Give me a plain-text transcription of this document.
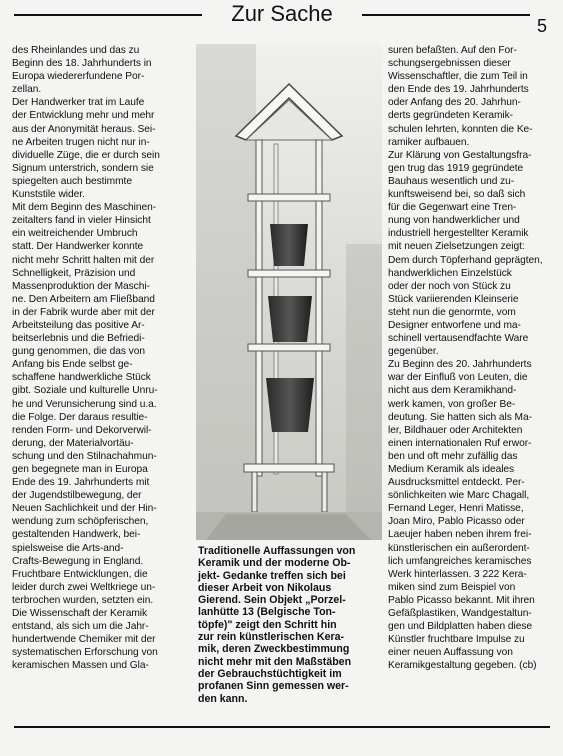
Zur Sache	5

des Rheinlandes und das zu
Beginn des 18. Jahrhunderts in
Europa wiedererfundene Por-
zellan.
Der Handwerker trat im Laufe
der Entwicklung mehr und mehr
aus der Anonymität heraus. Sei-
ne Arbeiten trugen nicht nur in-
dividuelle Züge, die er durch sein
Signum unterstrich, sondern sie
spiegelten auch bestimmte
Kunststile wider.
Mit dem Beginn des Maschinen-
zeitalters fand in vieler Hinsicht
ein weitreichender Umbruch
statt. Der Handwerker konnte
nicht mehr Schritt halten mit der
Schnelligkeit, Präzision und
Massenproduktion der Maschi-
ne. Den Arbeitern am Fließband
in der Fabrik wurde aber mit der
Arbeitsteilung das positive Ar-
beitserlebnis und die Befriedi-
gung genommen, die das von
Anfang bis Ende selbst ge-
schaffene handwerkliche Stück
gibt. Soziale und kulturelle Unru-
he und Verunsicherung sind u.a.
die Folge. Der daraus resultie-
renden Form- und Dekorverwil-
derung, der Materialvortäu-
schung und den Stilnachahmun-
gen begegnete man in Europa
Ende des 19. Jahrhunderts mit
der Jugendstilbewegung, der
Neuen Sachlichkeit und der Hin-
wendung zum schöpferischen,
gestaltenden Handwerk, bei-
spielsweise die Arts-and-
Crafts-Bewegung in England.
Fruchtbare Entwicklungen, die
leider durch zwei Weltkriege un-
terbrochen wurden, setzten ein.
Die Wissenschaft der Keramik
entstand, als sich um die Jahr-
hundertwende Chemiker mit der
systematischen Erforschung von
keramischen Massen und Gla-

Traditionelle Auffassungen von
Keramik und der moderne Ob-
jekt- Gedanke treffen sich bei
dieser Arbeit von Nikolaus
Gierend. Sein Objekt „Porzel-
lanhütte 13 (Belgische Ton-
töpfe)" zeigt den Schritt hin
zur rein künstlerischen Kera-
mik, deren Zweckbestimmung
nicht mehr mit den Maßstäben
der Gebrauchstüchtigkeit im
profanen Sinn gemessen wer-
den kann.

suren befaßten. Auf den For-
schungsergebnissen dieser
Wissenschaftler, die zum Teil in
den Ende des 19. Jahrhunderts
oder Anfang des 20. Jahrhun-
derts gegründeten Keramik-
schulen lehrten, konnten die Ke-
ramiker aufbauen.
Zur Klärung von Gestaltungsfra-
gen trug das 1919 gegründete
Bauhaus wesentlich und zu-
kunftsweisend bei, so daß sich
für die Gegenwart eine Tren-
nung von handwerklicher und
industriell hergestellter Keramik
mit neuen Zielsetzungen zeigt:
Dem durch Töpferhand geprägten,
handwerklichen Einzelstück
oder der noch von Stück zu
Stück variierenden Kleinserie
steht nun die genormte, vom
Designer entworfene und ma-
schinell vertausendfachte Ware
gegenüber.
Zu Beginn des 20. Jahrhunderts
war der Einfluß von Leuten, die
nicht aus dem Keramikhand-
werk kamen, von großer Be-
deutung. Sie hatten sich als Ma-
ler, Bildhauer oder Architekten
einen internationalen Ruf erwor-
ben und oft mehr zufällig das
Medium Keramik als ideales
Ausdrucksmittel entdeckt. Per-
sönlichkeiten wie Marc Chagall,
Fernand Leger, Henri Matisse,
Joan Miro, Pablo Picasso oder
Laeujer haben neben ihrem frei-
künstlerischen ein außerordent-
lich umfangreiches keramisches
Werk hinterlassen. 3 222 Kera-
miken sind zum Beispiel von
Pablo Picasso bekannt. Mit ihren
Gefäßplastiken, Wandgestaltun-
gen und Bildplatten haben diese
Künstler fruchtbare Impulse zu
einer neuen Auffassung von
Keramikgestaltung gegeben. (cb)
